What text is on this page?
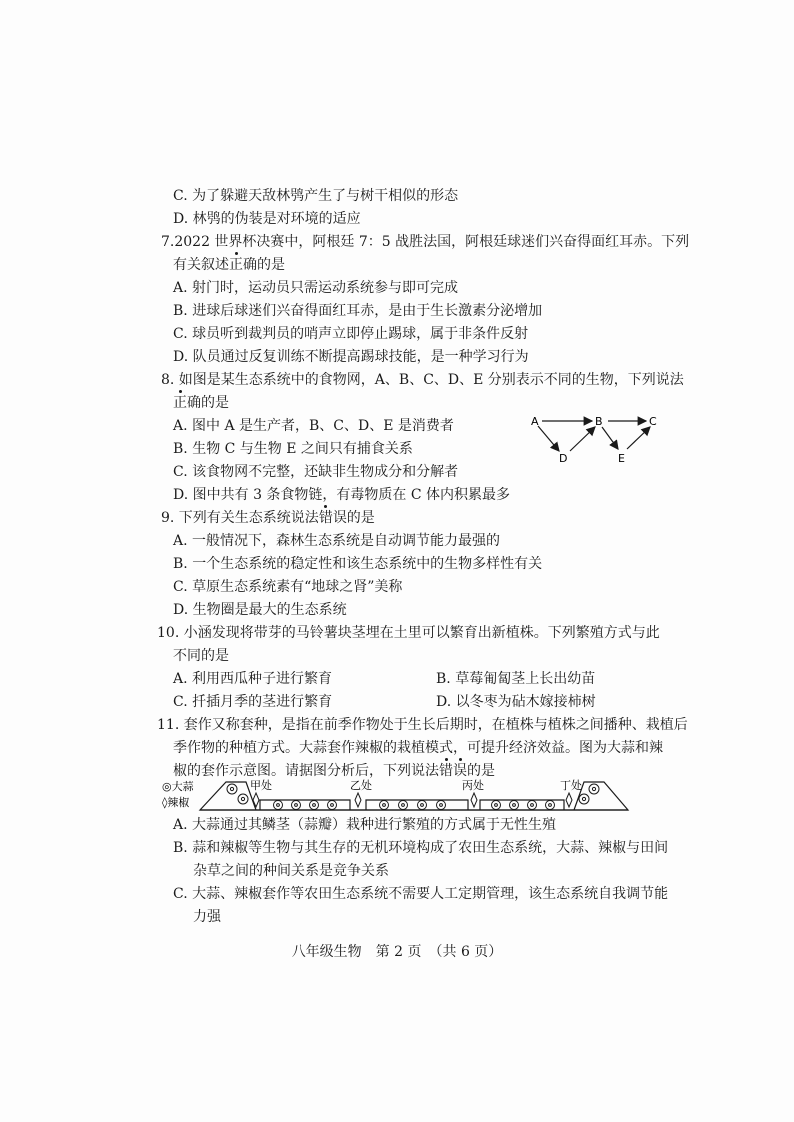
C. 为了躲避天敌林鸮产生了与树干相似的形态
D. 林鸮的伪装是对环境的适应
7.2022 世界杯决赛中，阿根廷 7：5 战胜法国，阿根廷球迷们兴奋得面红耳赤。下列
有关叙述正确的是
A. 射门时，运动员只需运动系统参与即可完成
B. 进球后球迷们兴奋得面红耳赤，是由于生长激素分泌增加
C. 球员听到裁判员的哨声立即停止踢球，属于非条件反射
D. 队员通过反复训练不断提高踢球技能，是一种学习行为
8. 如图是某生态系统中的食物网，A、B、C、D、E 分别表示不同的生物，下列说法
正确的是
A. 图中 A 是生产者，B、C、D、E 是消费者
B. 生物 C 与生物 E 之间只有捕食关系
C. 该食物网不完整，还缺非生物成分和分解者
D. 图中共有 3 条食物链，有毒物质在 C 体内积累最多
A	B	C
D	E
9. 下列有关生态系统说法错误的是
A. 一般情况下，森林生态系统是自动调节能力最强的
B. 一个生态系统的稳定性和该生态系统中的生物多样性有关
C. 草原生态系统素有“地球之肾”美称
D. 生物圈是最大的生态系统
10. 小涵发现将带芽的马铃薯块茎埋在土里可以繁育出新植株。下列繁殖方式与此
不同的是
A. 利用西瓜种子进行繁育	B. 草莓匍匐茎上长出幼苗
C. 扦插月季的茎进行繁育	D. 以冬枣为砧木嫁接柿树
11. 套作又称套种，是指在前季作物处于生长后期时，在植株与植株之间播种、栽植后
季作物的种植方式。大蒜套作辣椒的栽植模式，可提升经济效益。图为大蒜和辣
椒的套作示意图。请据图分析后，下列说法错误的是
◎大蒜
◊辣椒
甲处	乙处	丙处	丁处
A. 大蒜通过其鳞茎（蒜瓣）栽种进行繁殖的方式属于无性生殖
B. 蒜和辣椒等生物与其生存的无机环境构成了农田生态系统，大蒜、辣椒与田间
杂草之间的种间关系是竞争关系
C. 大蒜、辣椒套作等农田生态系统不需要人工定期管理，该生态系统自我调节能
力强
八年级生物　第 2 页　（共 6 页）
